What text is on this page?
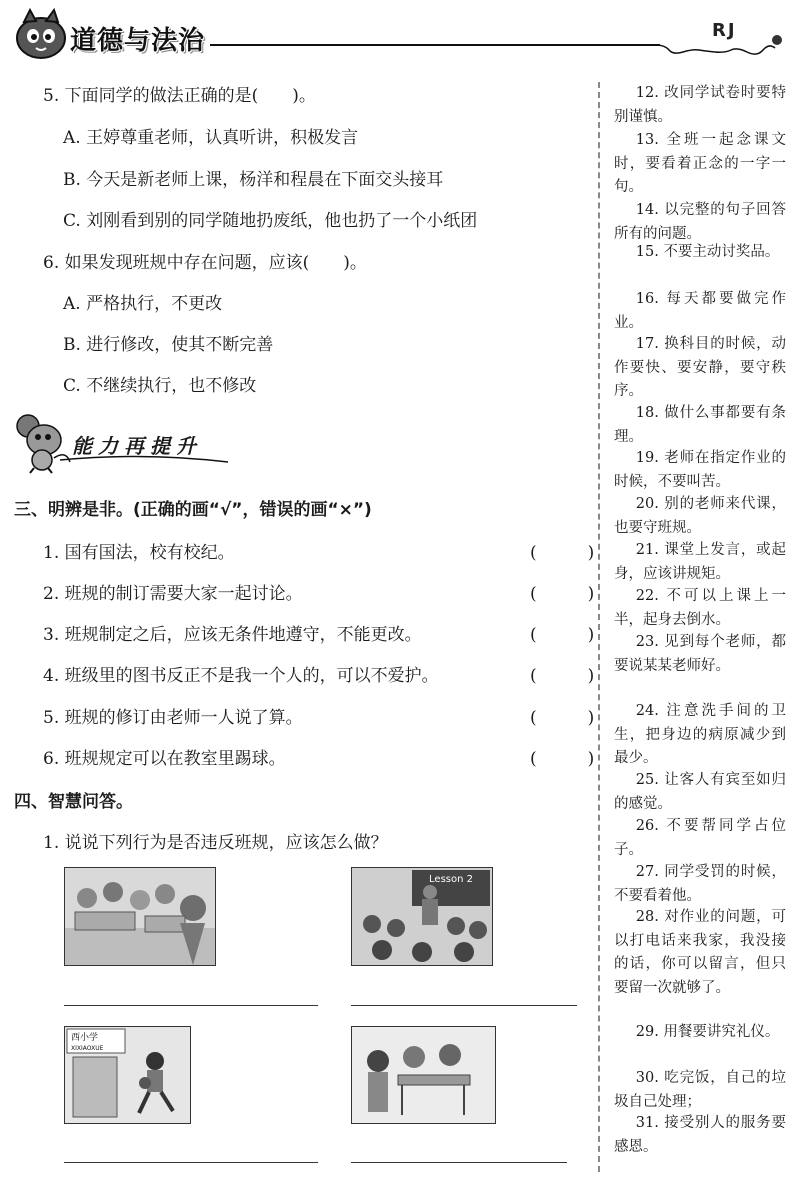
道德与法治	RJ
5. 下面同学的做法正确的是(　　)。
A. 王婷尊重老师，认真听讲，积极发言
B. 今天是新老师上课，杨洋和程晨在下面交头接耳
C. 刘刚看到别的同学随地扔废纸，他也扔了一个小纸团
6. 如果发现班规中存在问题，应该(　　)。
A. 严格执行，不更改
B. 进行修改，使其不断完善
C. 不继续执行，也不修改
能力再提升
三、明辨是非。(正确的画“√”，错误的画“×”)
1. 国有国法，校有校纪。	(　　　)
2. 班规的制订需要大家一起讨论。	(　　　)
3. 班规制定之后，应该无条件地遵守，不能更改。	(　　　)
4. 班级里的图书反正不是我一个人的，可以不爱护。	(　　　)
5. 班规的修订由老师一人说了算。	(　　　)
6. 班规规定可以在教室里踢球。	(　　　)
四、智慧问答。
1. 说说下列行为是否违反班规，应该怎么做？
Lesson 2
西小学
XIXIAOXUE
12. 改同学试卷时要特别谨慎。
13. 全班一起念课文时，要看着正念的一字一句。
14. 以完整的句子回答所有的问题。
15. 不要主动讨奖品。
16. 每天都要做完作业。
17. 换科目的时候，动作要快、要安静，要守秩序。
18. 做什么事都要有条理。
19. 老师在指定作业的时候，不要叫苦。
20. 别的老师来代课，也要守班规。
21. 课堂上发言，或起身，应该讲规矩。
22. 不可以上课上一半，起身去倒水。
23. 见到每个老师，都要说某某老师好。
24. 注意洗手间的卫生，把身边的病原减少到最少。
25. 让客人有宾至如归的感觉。
26. 不要帮同学占位子。
27. 同学受罚的时候，不要看着他。
28. 对作业的问题，可以打电话来我家，我没接的话，你可以留言，但只要留一次就够了。
29. 用餐要讲究礼仪。
30. 吃完饭，自己的垃圾自己处理；
31. 接受别人的服务要感恩。
